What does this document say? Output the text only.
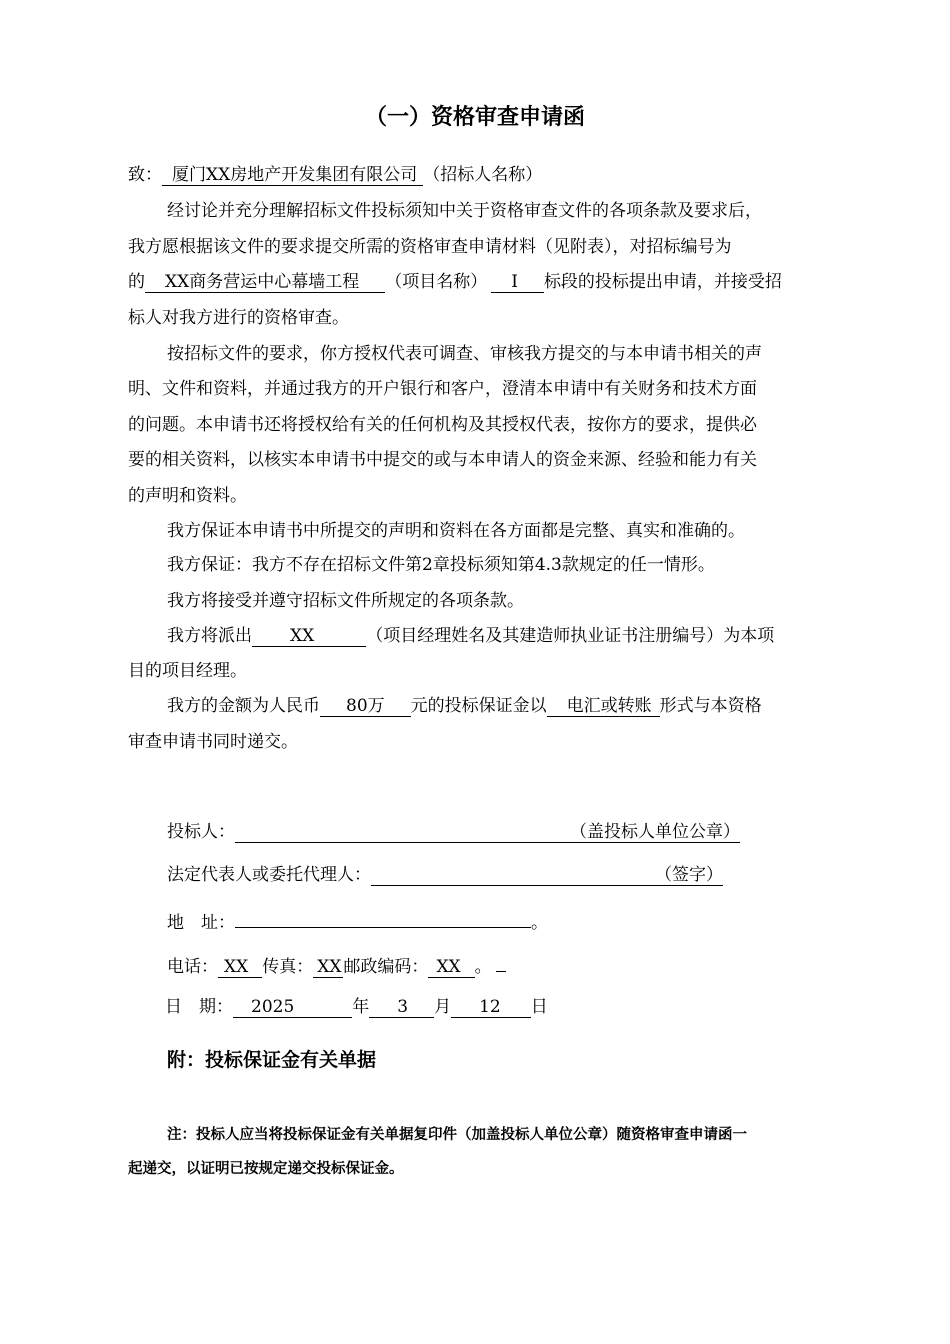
（一）资格审查申请函
致： 厦门XX房地产开发集团有限公司 （招标人名称）
经讨论并充分理解招标文件投标须知中关于资格审查文件的各项条款及要求后，
我方愿根据该文件的要求提交所需的资格审查申请材料（见附表），对招标编号为
的 XX商务营运中心幕墙工程 （项目名称） I 标段的投标提出申请，并接受招
标人对我方进行的资格审查。
按招标文件的要求，你方授权代表可调查、审核我方提交的与本申请书相关的声
明、文件和资料，并通过我方的开户银行和客户，澄清本申请中有关财务和技术方面
的问题。本申请书还将授权给有关的任何机构及其授权代表，按你方的要求，提供必
要的相关资料，以核实本申请书中提交的或与本申请人的资金来源、经验和能力有关
的声明和资料。
我方保证本申请书中所提交的声明和资料在各方面都是完整、真实和准确的。
我方保证：我方不存在招标文件第2章投标须知第4.3款规定的任一情形。
我方将接受并遵守招标文件所规定的各项条款。
我方将派出 XX	（项目经理姓名及其建造师执业证书注册编号）为本项
目的项目经理。
我方的金额为人民币 80万 元的投标保证金以 电汇或转账 形式与本资格
审查申请书同时递交。
投标人：	（盖投标人单位公章）
法定代表人或委托代理人：	（签字）
地　址：	。
电话： XX 传真： XX 邮政编码： XX 。
日　期： 2025	年 3 月 12 日
附：投标保证金有关单据
注：投标人应当将投标保证金有关单据复印件（加盖投标人单位公章）随资格审查申请函一
起递交，以证明已按规定递交投标保证金。
